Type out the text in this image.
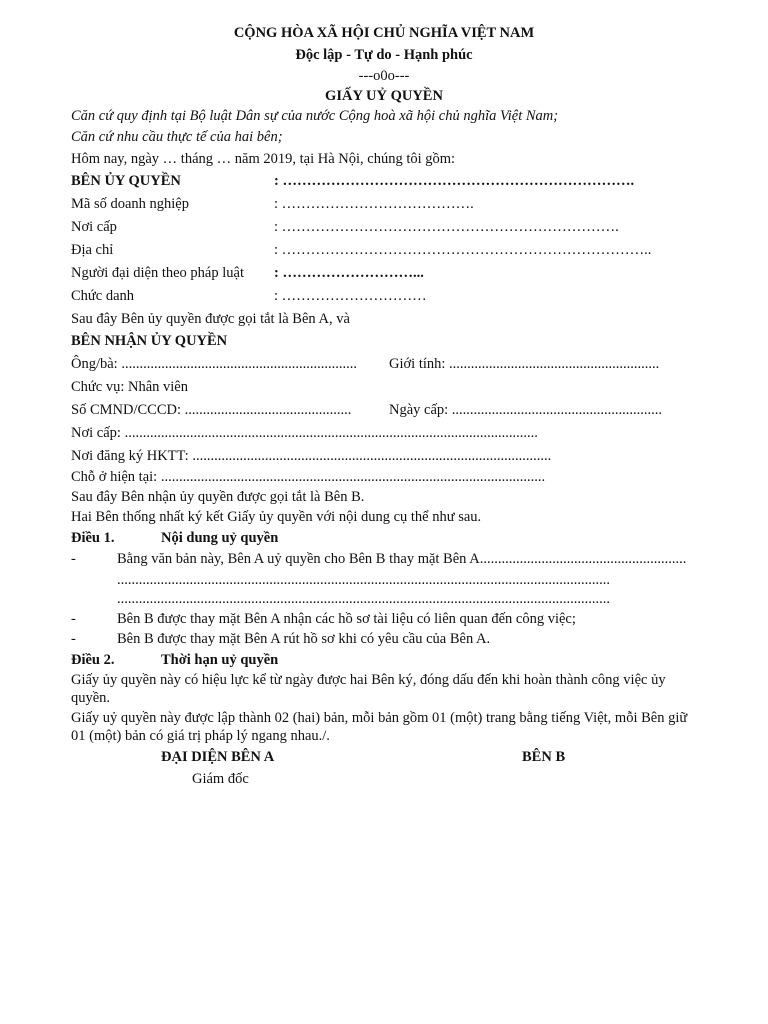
CỘNG HÒA XÃ HỘI CHỦ NGHĨA VIỆT NAM
Độc lập - Tự do - Hạnh phúc
---o0o---
GIẤY UỶ QUYỀN
Căn cứ quy định tại Bộ luật Dân sự của nước Cộng hoà xã hội chủ nghĩa Việt Nam;
Căn cứ nhu cầu thực tế của hai bên;
Hôm nay, ngày … tháng … năm 2019, tại Hà Nội, chúng tôi gồm:
BÊN ỦY QUYỀN	: ……………………………………………………………….
Mã số doanh nghiệp	: ………………………………….
Nơi cấp	: …………………………………………………………….
Địa chỉ	: …………………………………………………………………..
Người đại diện theo pháp luật : ………………………...
Chức danh	: …………………………
Sau đây Bên ủy quyền được gọi tắt là Bên A, và
BÊN NHẬN ỦY QUYỀN
Ông/bà: ................................................................. Giới tính: ..........................................................
Chức vụ: Nhân viên
Số CMND/CCCD: ..............................................	Ngày cấp: ..........................................................
Nơi cấp: ..................................................................................................................
Nơi đăng ký HKTT: ...................................................................................................
Chỗ ở hiện tại: ..........................................................................................................
Sau đây Bên nhận ủy quyền được gọi tắt là Bên B.
Hai Bên thống nhất ký kết Giấy ủy quyền với nội dung cụ thể như sau.
Điều 1.	Nội dung uỷ quyền
-	Bằng văn bản này, Bên A uỷ quyền cho Bên B thay mặt Bên A.........................................................
........................................................................................................................................
........................................................................................................................................
-	Bên B được thay mặt Bên A nhận các hồ sơ tài liệu có liên quan đến công việc;
-	Bên B được thay mặt Bên A rút hồ sơ khi có yêu cầu của Bên A.
Điều 2.	Thời hạn uỷ quyền
Giấy ủy quyền này có hiệu lực kể từ ngày được hai Bên ký, đóng dấu đến khi hoàn thành công việc ủy
quyền.
Giấy uỷ quyền này được lập thành 02 (hai) bản, mỗi bản gồm 01 (một) trang bằng tiếng Việt, mỗi Bên giữ
01 (một) bản có giá trị pháp lý ngang nhau./.
ĐẠI DIỆN BÊN A
Giám đốc
BÊN B
